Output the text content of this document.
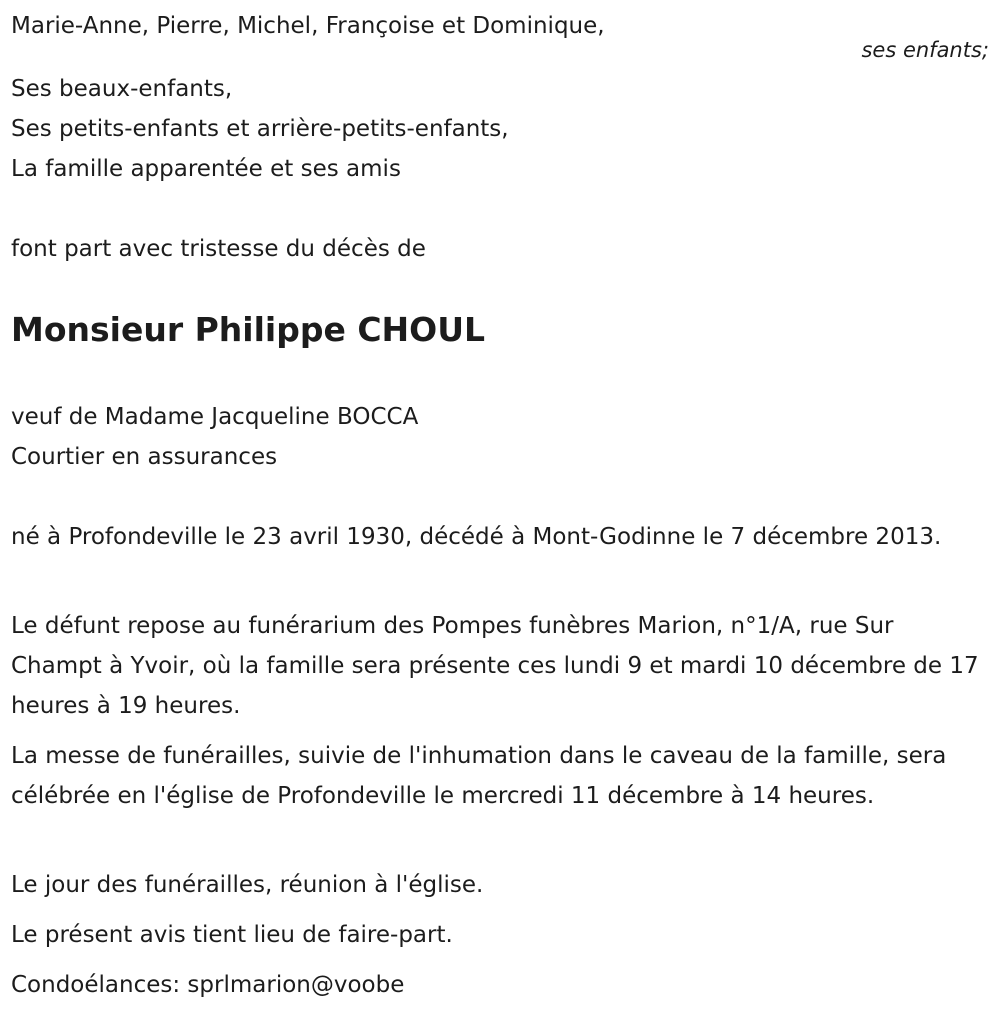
Marie-Anne, Pierre, Michel, Françoise et Dominique,
ses enfants;
Ses beaux-enfants,
Ses petits-enfants et arrière-petits-enfants,
La famille apparentée et ses amis
font part avec tristesse du décès de
Monsieur Philippe CHOUL
veuf de Madame Jacqueline BOCCA
Courtier en assurances
né à Profondeville le 23 avril 1930, décédé à Mont-Godinne le 7 décembre 2013.
Le défunt repose au funérarium des Pompes funèbres Marion, n°1/A, rue Sur Champt à Yvoir, où la famille sera présente ces lundi 9 et mardi 10 décembre de 17 heures à 19 heures.
La messe de funérailles, suivie de l'inhumation dans le caveau de la famille, sera célébrée en l'église de Profondeville le mercredi 11 décembre à 14 heures.
Le jour des funérailles, réunion à l'église.
Le présent avis tient lieu de faire-part.
Condoélances: sprlmarion@voobe
